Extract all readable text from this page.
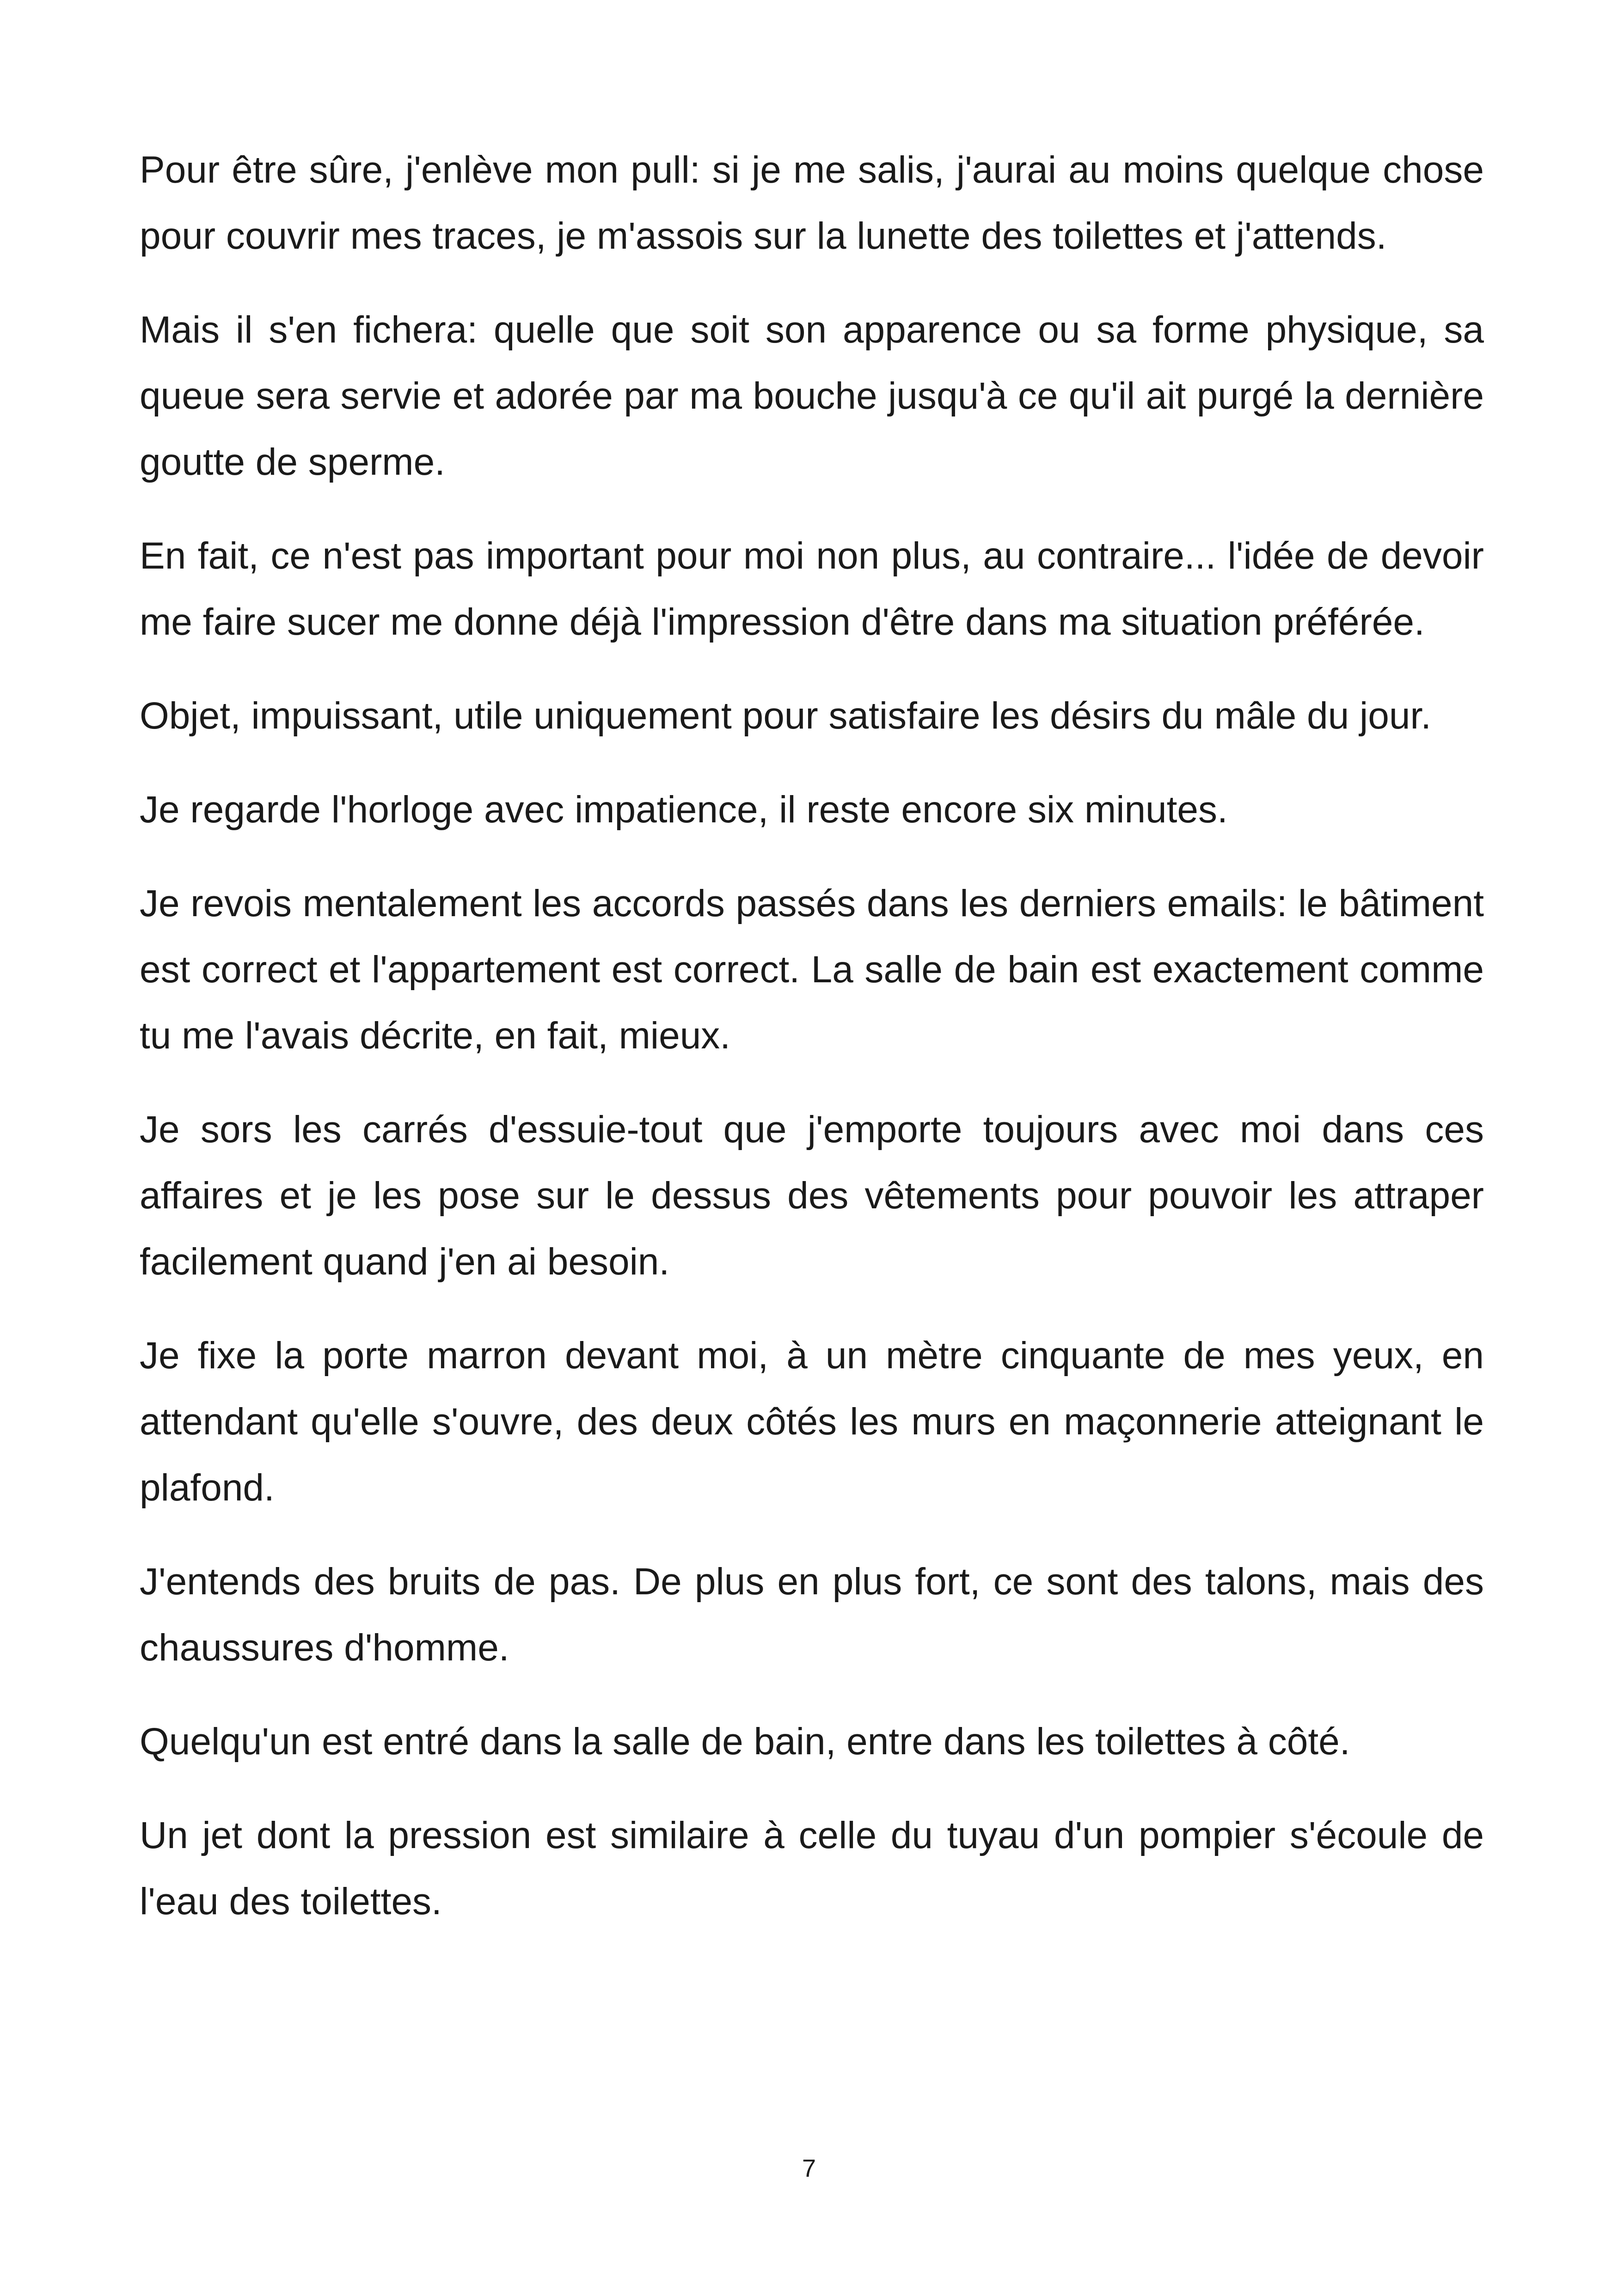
Pour être sûre, j'enlève mon pull: si je me salis, j'aurai au moins quelque chose pour couvrir mes traces, je m'assois sur la lunette des toilettes et j'attends.

Mais il s'en fichera: quelle que soit son apparence ou sa forme physique, sa queue sera servie et adorée par ma bouche jusqu'à ce qu'il ait purgé la dernière goutte de sperme.

En fait, ce n'est pas important pour moi non plus, au contraire... l'idée de devoir me faire sucer me donne déjà l'impression d'être dans ma situation préférée.

Objet, impuissant, utile uniquement pour satisfaire les désirs du mâle du jour.

Je regarde l'horloge avec impatience, il reste encore six minutes.

Je revois mentalement les accords passés dans les derniers emails: le bâtiment est correct et l'appartement est correct. La salle de bain est exactement comme tu me l'avais décrite, en fait, mieux.

Je sors les carrés d'essuie-tout que j'emporte toujours avec moi dans ces affaires et je les pose sur le dessus des vêtements pour pouvoir les attraper facilement quand j'en ai besoin.

Je fixe la porte marron devant moi, à un mètre cinquante de mes yeux, en attendant qu'elle s'ouvre, des deux côtés les murs en maçonnerie atteignant le plafond.

J'entends des bruits de pas. De plus en plus fort, ce sont des talons, mais des chaussures d'homme.

Quelqu'un est entré dans la salle de bain, entre dans les toilettes à côté.

Un jet dont la pression est similaire à celle du tuyau d'un pompier s'écoule de l'eau des toilettes.

7
